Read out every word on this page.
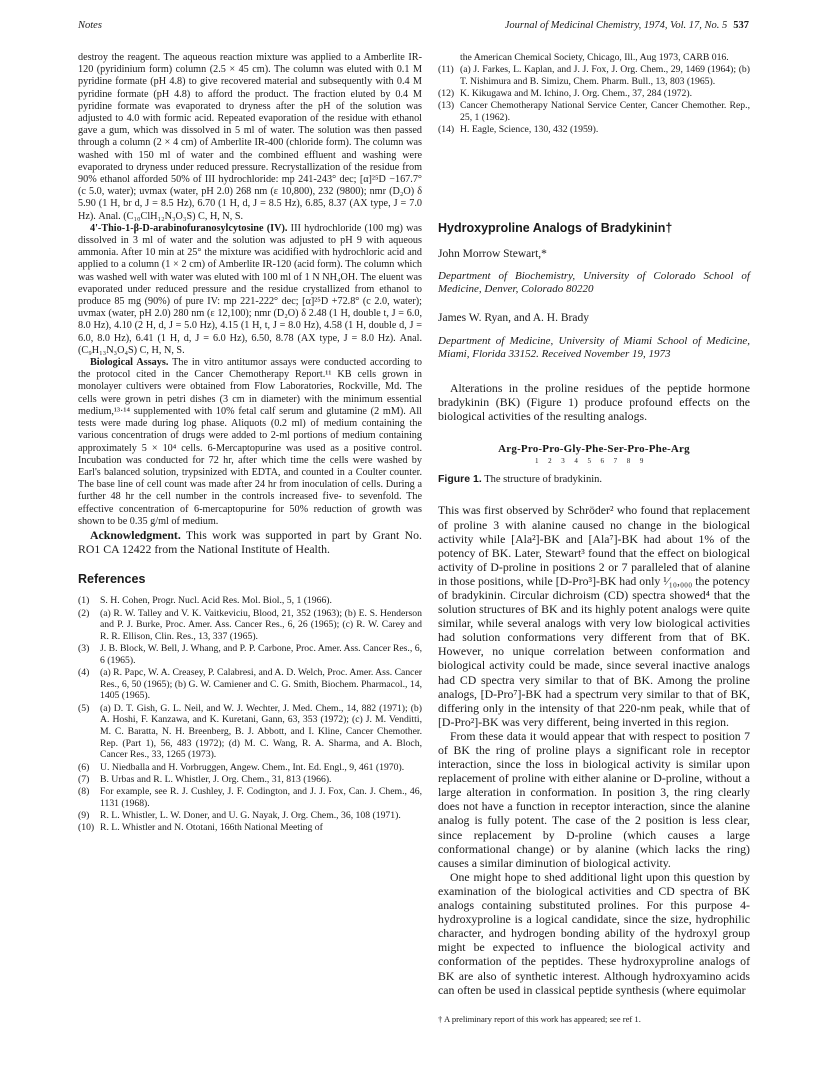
Notes	Journal of Medicinal Chemistry, 1974, Vol. 17, No. 5 537

destroy the reagent. The aqueous reaction mixture was applied to a Amberlite IR-120 (pyridinium form) column (2.5 × 45 cm). The column was eluted with 0.1 M pyridine formate (pH 4.8) to give recovered material and subsequently with 0.4 M pyridine formate (pH 4.8) to afford the product. The fraction eluted by 0.4 M pyridine formate was evaporated to dryness after the pH of the solution was adjusted to 4.0 with formic acid. Repeated evaporation of the residue with ethanol gave a gum, which was dissolved in 5 ml of water. The solution was then passed through a column (2 × 4 cm) of Amberlite IR-400 (chloride form). The column was washed with 150 ml of water and the combined effluent and washing were evaporated to dryness under reduced pressure. Recrystallization of the residue from 90% ethanol afforded 50% of III hydrochloride: mp 241-243° dec; [α]²⁵D −167.7° (c 5.0, water); uvmax (water, pH 2.0) 268 nm (ε 10,800), 232 (9800); nmr (D₂O) δ 5.90 (1 H, br d, J = 8.5 Hz), 6.70 (1 H, d, J = 8.5 Hz), 6.85, 8.37 (AX type, J = 7.0 Hz). Anal. (C₁₀ClH₁₂N₃O₃S) C, H, N, S.

4'-Thio-1-β-D-arabinofuranosylcytosine (IV). III hydrochloride (100 mg) was dissolved in 3 ml of water and the solution was adjusted to pH 9 with aqueous ammonia. After 10 min at 25° the mixture was acidified with hydrochloric acid and applied to a column (1 × 2 cm) of Amberlite IR-120 (acid form). The column which was washed well with water was eluted with 100 ml of 1 N NH₄OH. The eluent was evaporated under reduced pressure and the residue crystallized from ethanol to produce 85 mg (90%) of pure IV: mp 221-222° dec; [α]²⁵D +72.8° (c 2.0, water); uvmax (water, pH 2.0) 280 nm (ε 12,100); nmr (D₂O) δ 2.48 (1 H, double t, J = 6.0, 8.0 Hz), 4.10 (2 H, d, J = 5.0 Hz), 4.15 (1 H, t, J = 8.0 Hz), 4.58 (1 H, double d, J = 6.0, 8.0 Hz), 6.41 (1 H, d, J = 6.0 Hz), 6.50, 8.78 (AX type, J = 8.0 Hz). Anal. (C₉H₁₃N₃O₄S) C, H, N, S.

Biological Assays. The in vitro antitumor assays were conducted according to the protocol cited in the Cancer Chemotherapy Report.¹¹ KB cells grown in monolayer cultivers were obtained from Flow Laboratories, Rockville, Md. The cells were grown in petri dishes (3 cm in diameter) with the minimum essential medium,¹³·¹⁴ supplemented with 10% fetal calf serum and glutamine (2 mM). All tests were made during log phase. Aliquots (0.2 ml) of medium containing the various concentration of drugs were added to 2-ml portions of medium containing approximately 5 × 10⁴ cells. 6-Mercaptopurine was used as a positive control. Incubation was conducted for 72 hr, after which time the cells were washed by Earl's balanced solution, trypsinized with EDTA, and counted in a Coulter counter. The base line of cell count was made after 24 hr from inoculation of cells. During a further 48 hr the cell number in the controls increased five- to sevenfold. The effective concentration of 6-mercaptopurine for 50% reduction of growth was shown to be 0.35 g/ml of medium.

Acknowledgment. This work was supported in part by Grant No. RO1 CA 12422 from the National Institute of Health.

References
(1)	S. H. Cohen, Progr. Nucl. Acid Res. Mol. Biol., 5, 1 (1966).
(2)	(a) R. W. Talley and V. K. Vaitkeviciu, Blood, 21, 352 (1963); (b) E. S. Henderson and P. J. Burke, Proc. Amer. Ass. Cancer Res., 6, 26 (1965); (c) R. W. Carey and R. R. Ellison, Clin. Res., 13, 337 (1965).
(3)	J. B. Block, W. Bell, J. Whang, and P. P. Carbone, Proc. Amer. Ass. Cancer Res., 6, 6 (1965).
(4)	(a) R. Papc, W. A. Creasey, P. Calabresi, and A. D. Welch, Proc. Amer. Ass. Cancer Res., 6, 50 (1965); (b) G. W. Camiener and C. G. Smith, Biochem. Pharmacol., 14, 1405 (1965).
(5)	(a) D. T. Gish, G. L. Neil, and W. J. Wechter, J. Med. Chem., 14, 882 (1971); (b) A. Hoshi, F. Kanzawa, and K. Kuretani, Gann, 63, 353 (1972); (c) J. M. Venditti, M. C. Baratta, N. H. Breenberg, B. J. Abbott, and I. Kline, Cancer Chemother. Rep. (Part 1), 56, 483 (1972); (d) M. C. Wang, R. A. Sharma, and A. Bloch, Cancer Res., 33, 1265 (1973).
(6)	U. Niedballa and H. Vorbruggen, Angew. Chem., Int. Ed. Engl., 9, 461 (1970).
(7)	B. Urbas and R. L. Whistler, J. Org. Chem., 31, 813 (1966).
(8)	For example, see R. J. Cushley, J. F. Codington, and J. J. Fox, Can. J. Chem., 46, 1131 (1968).
(9)	R. L. Whistler, L. W. Doner, and U. G. Nayak, J. Org. Chem., 36, 108 (1971).
(10) R. L. Whistler and N. Ototani, 166th National Meeting of
the American Chemical Society, Chicago, Ill., Aug 1973, CARB 016.
(11) (a) J. Farkes, L. Kaplan, and J. J. Fox, J. Org. Chem., 29, 1469 (1964); (b) T. Nishimura and B. Simizu, Chem. Pharm. Bull., 13, 803 (1965).
(12) K. Kikugawa and M. Ichino, J. Org. Chem., 37, 284 (1972).
(13) Cancer Chemotherapy National Service Center, Cancer Chemother. Rep., 25, 1 (1962).
(14) H. Eagle, Science, 130, 432 (1959).
Hydroxyproline Analogs of Bradykinin†
John Morrow Stewart,*
Department of Biochemistry, University of Colorado School of Medicine, Denver, Colorado 80220
James W. Ryan, and A. H. Brady
Department of Medicine, University of Miami School of Medicine, Miami, Florida 33152. Received November 19, 1973

Alterations in the proline residues of the peptide hormone bradykinin (BK) (Figure 1) produce profound effects on the biological activities of the resulting analogs.

Arg-Pro-Pro-Gly-Phe-Ser-Pro-Phe-Arg
123456789
Figure 1. The structure of bradykinin.

This was first observed by Schröder² who found that replacement of proline 3 with alanine caused no change in the biological activity while [Ala²]-BK and [Ala⁷]-BK had about 1% of the potency of BK. Later, Stewart³ found that the effect on biological activity of D-proline in positions 2 or 7 paralleled that of alanine in those positions, while [D-Pro³]-BK had only ¹⁄₁₀,₀₀₀ the potency of bradykinin. Circular dichroism (CD) spectra showed⁴ that the solution structures of BK and its highly potent analogs were quite similar, while several analogs with very low biological activities had solution conformations very different from that of BK. However, no unique correlation between conformation and biological activity could be made, since several inactive analogs had CD spectra very similar to that of BK. Among the proline analogs, [D-Pro⁷]-BK had a spectrum very similar to that of BK, differing only in the intensity of that 220-nm peak, while that of [D-Pro²]-BK was very different, being inverted in this region.

From these data it would appear that with respect to position 7 of BK the ring of proline plays a significant role in receptor interaction, since the loss in biological activity is similar upon replacement of proline with either alanine or D-proline, without a large alteration in conformation. In position 3, the ring clearly does not have a function in receptor interaction, since the alanine analog is fully potent. The case of the 2 position is less clear, since replacement by D-proline (which causes a large conformational change) or by alanine (which lacks the ring) causes a similar diminution of biological activity.

One might hope to shed additional light upon this question by examination of the biological activities and CD spectra of BK analogs containing substituted prolines. For this purpose 4-hydroxyproline is a logical candidate, since the size, hydrophilic character, and hydrogen bonding ability of the hydroxyl group might be expected to influence the biological activity and conformation of the peptides. These hydroxyproline analogs of BK are also of synthetic interest. Although hydroxyamino acids can often be used in classical peptide synthesis (where equimolar

† A preliminary report of this work has appeared; see ref 1.
